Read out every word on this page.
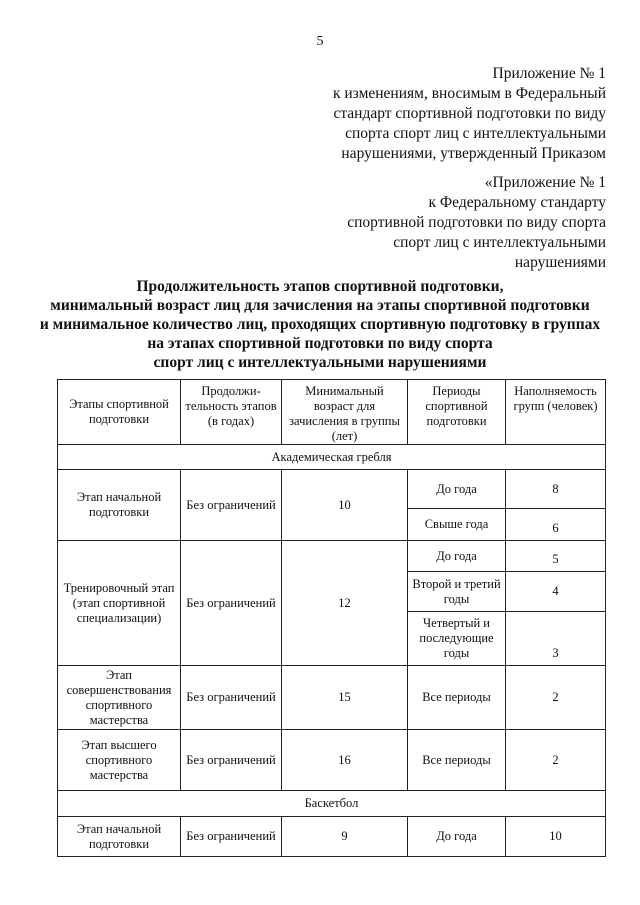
5
Приложение № 1
к изменениям, вносимым в Федеральный
стандарт спортивной подготовки по виду
спорта спорт лиц с интеллектуальными
нарушениями, утвержденный Приказом
«Приложение № 1
к Федеральному стандарту
спортивной подготовки по виду спорта
спорт лиц с интеллектуальными
нарушениями
Продолжительность этапов спортивной подготовки,
минимальный возраст лиц для зачисления на этапы спортивной подготовки
и минимальное количество лиц, проходящих спортивную подготовку в группах
на этапах спортивной подготовки по виду спорта
спорт лиц с интеллектуальными нарушениями
Этапы спортивной подготовки	Продолжи-тельность этапов (в годах)	Минимальный возраст для зачисления в группы (лет)	Периоды спортивной подготовки	Наполняемость групп (человек)
Академическая гребля				
Этап начальной подготовки	Без ограничений	10	До года	8
			Свыше года	6
Тренировочный этап (этап спортивной специализации)	Без ограничений	12	До года	5
			Второй и третий годы	4
			Четвертый и последующие годы	3
Этап совершенствования спортивного мастерства	Без ограничений	15	Все периоды	2
Этап высшего спортивного мастерства	Без ограничений	16	Все периоды	2
Баскетбол				
Этап начальной подготовки	Без ограничений	9	До года	10
